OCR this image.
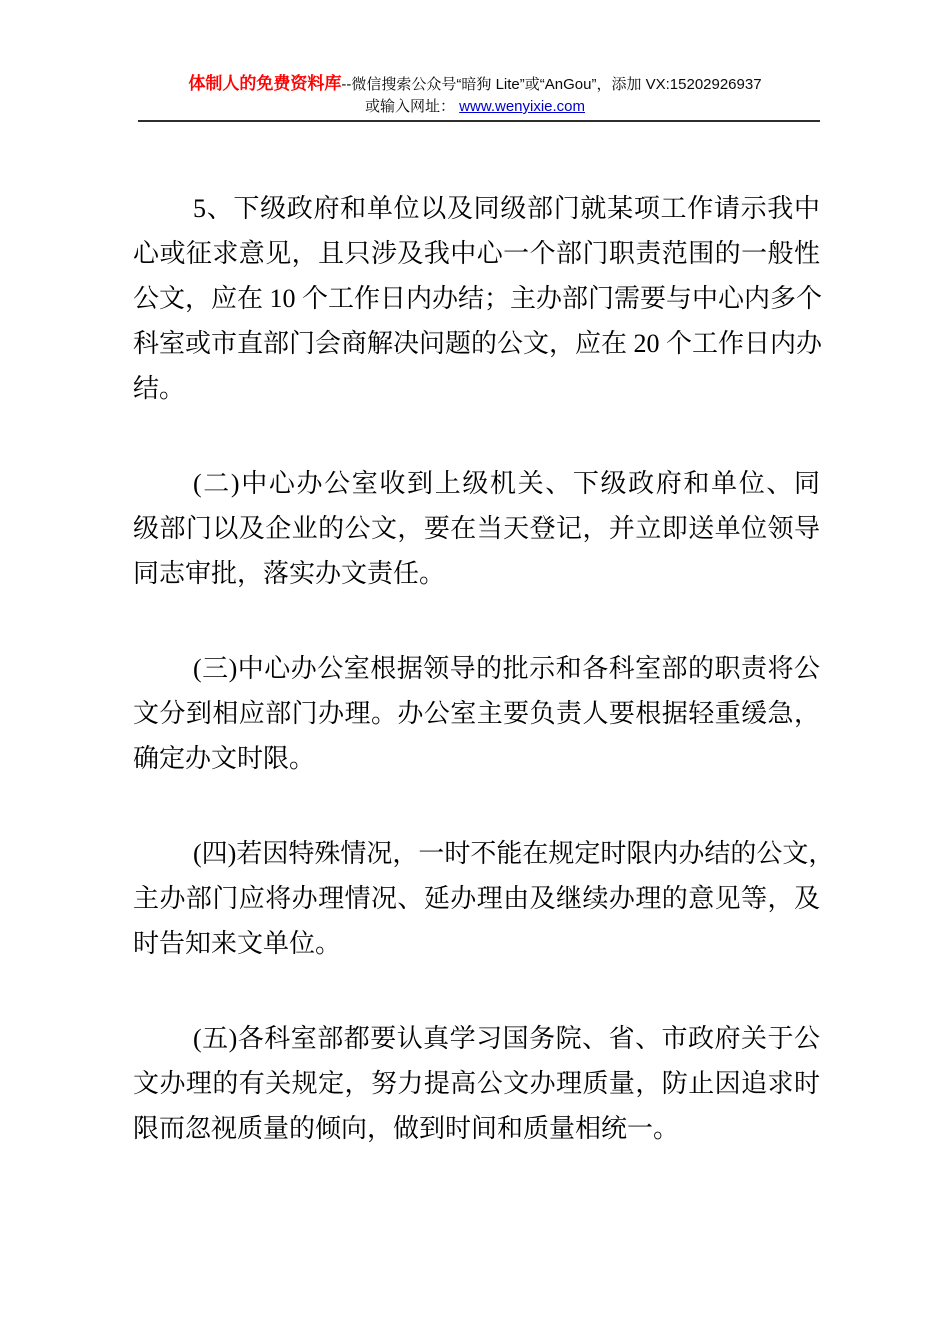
体制人的免费资料库--微信搜索公众号“暗狗 Lite”或“AnGou”，添加 VX:15202926937
或输入网址： www.wenyixie.com
5、下级政府和单位以及同级部门就某项工作请示我中
心或征求意见，且只涉及我中心一个部门职责范围的一般性
公文，应在 10 个工作日内办结；主办部门需要与中心内多个
科室或市直部门会商解决问题的公文，应在 20 个工作日内办
结。
(二)中心办公室收到上级机关、下级政府和单位、同
级部门以及企业的公文，要在当天登记，并立即送单位领导
同志审批，落实办文责任。
(三)中心办公室根据领导的批示和各科室部的职责将公
文分到相应部门办理。办公室主要负责人要根据轻重缓急，
确定办文时限。
(四)若因特殊情况，一时不能在规定时限内办结的公文，
主办部门应将办理情况、延办理由及继续办理的意见等，及
时告知来文单位。
(五)各科室部都要认真学习国务院、省、市政府关于公
文办理的有关规定，努力提高公文办理质量，防止因追求时
限而忽视质量的倾向，做到时间和质量相统一。
